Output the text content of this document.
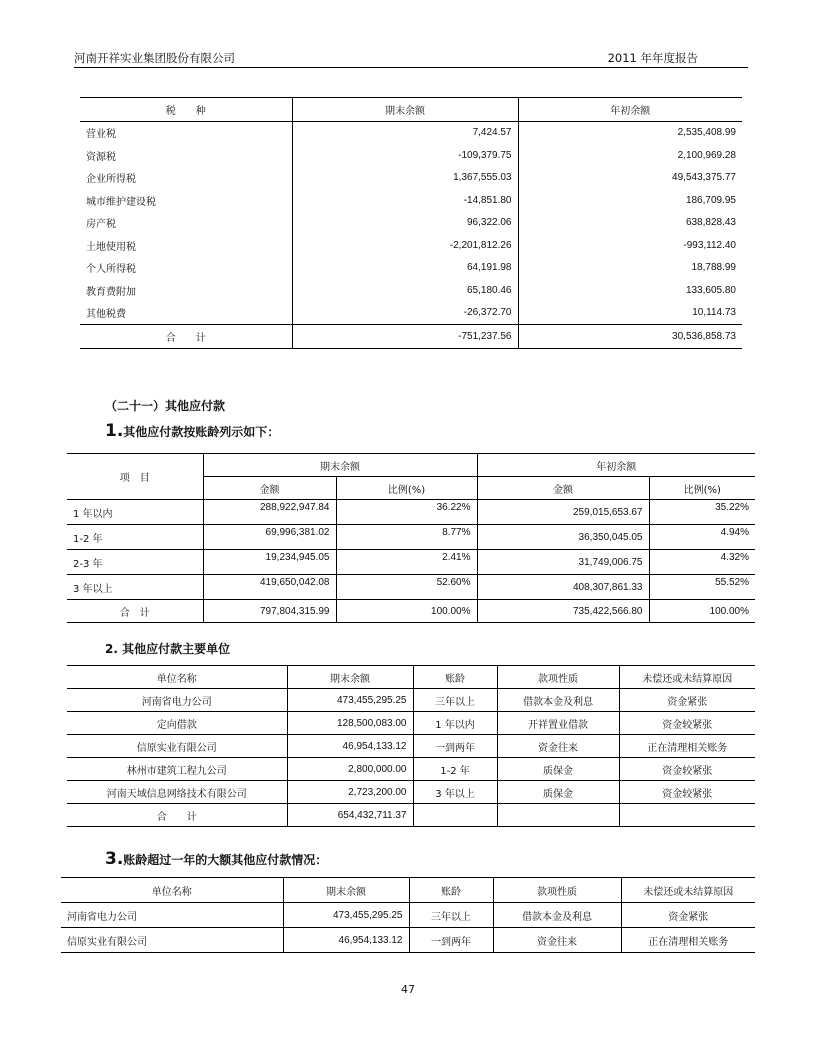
河南开祥实业集团股份有限公司	2011 年年度报告
税　　种	期末余额	年初余额
营业税	7,424.57	2,535,408.99
资源税	-109,379.75	2,100,969.28
企业所得税	1,367,555.03	49,543,375.77
城市维护建设税	-14,851.80	186,709.95
房产税	96,322.06	638,828.43
土地使用税	-2,201,812.26	-993,112.40
个人所得税	64,191.98	18,788.99
教育费附加	65,180.46	133,605.80
其他税费	-26,372.70	10,114.73
合　　计	-751,237.56	30,536,858.73
（二十一）其他应付款
1.其他应付款按账龄列示如下：
项　目	期末余额		年初余额	
	金额	比例(%)	金额	比例(%)
1 年以内	288,922,947.84	36.22%	259,015,653.67	35.22%
1-2 年	69,996,381.02	8.77%	36,350,045.05	4.94%
2-3 年	19,234,945.05	2.41%	31,749,006.75	4.32%
3 年以上	419,650,042.08	52.60%	408,307,861.33	55.52%
合　计	797,804,315.99	100.00%	735,422,566.80	100.00%
2. 其他应付款主要单位
单位名称	期末余额	账龄	款项性质	未偿还或未结算原因
河南省电力公司	473,455,295.25	三年以上	借款本金及利息	资金紧张
定向借款	128,500,083.00	1 年以内	开祥置业借款	资金较紧张
信原实业有限公司	46,954,133.12	一到两年	资金往来	正在清理相关账务
林州市建筑工程九公司	2,800,000.00	1-2 年	质保金	资金较紧张
河南天域信息网络技术有限公司	2,723,200.00	3 年以上	质保金	资金较紧张
合　　计	654,432,711.37			
3.账龄超过一年的大额其他应付款情况：
单位名称	期末余额	账龄	款项性质	未偿还或未结算原因
河南省电力公司	473,455,295.25	三年以上	借款本金及利息	资金紧张
信原实业有限公司	46,954,133.12	一到两年	资金往来	正在清理相关账务
47
